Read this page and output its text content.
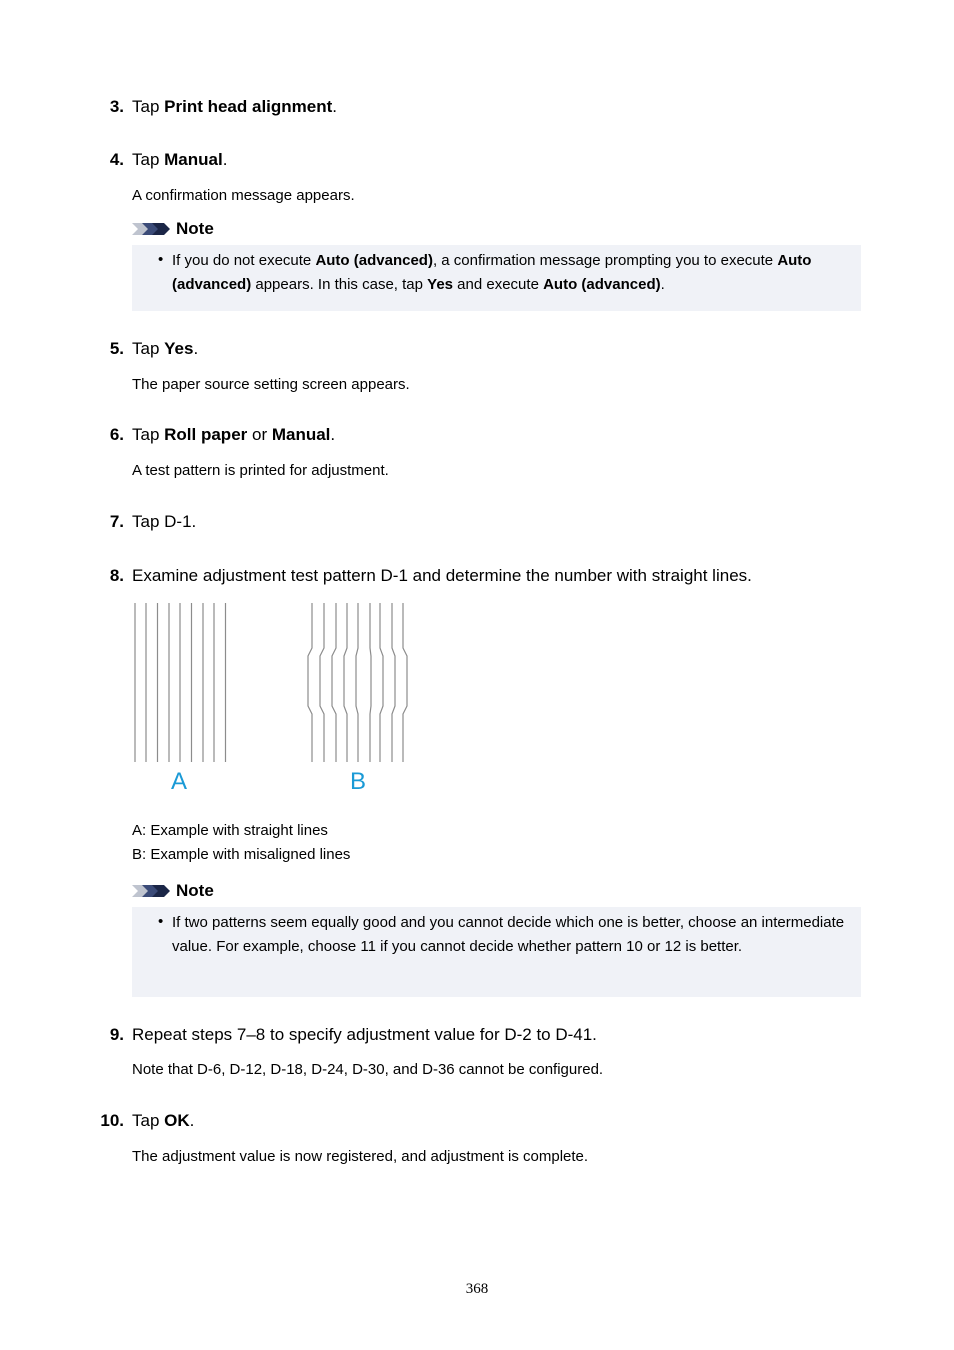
3. Tap Print head alignment.
4. Tap Manual.
A confirmation message appears.
Note
• If you do not execute Auto (advanced), a confirmation message prompting you to execute Auto (advanced) appears. In this case, tap Yes and execute Auto (advanced).
5. Tap Yes.
The paper source setting screen appears.
6. Tap Roll paper or Manual.
A test pattern is printed for adjustment.
7. Tap D-1.
8. Examine adjustment test pattern D-1 and determine the number with straight lines.
A	B
A: Example with straight lines
B: Example with misaligned lines
Note
• If two patterns seem equally good and you cannot decide which one is better, choose an intermediate value. For example, choose 11 if you cannot decide whether pattern 10 or 12 is better.
9. Repeat steps 7–8 to specify adjustment value for D-2 to D-41.
Note that D-6, D-12, D-18, D-24, D-30, and D-36 cannot be configured.
10. Tap OK.
The adjustment value is now registered, and adjustment is complete.
368
